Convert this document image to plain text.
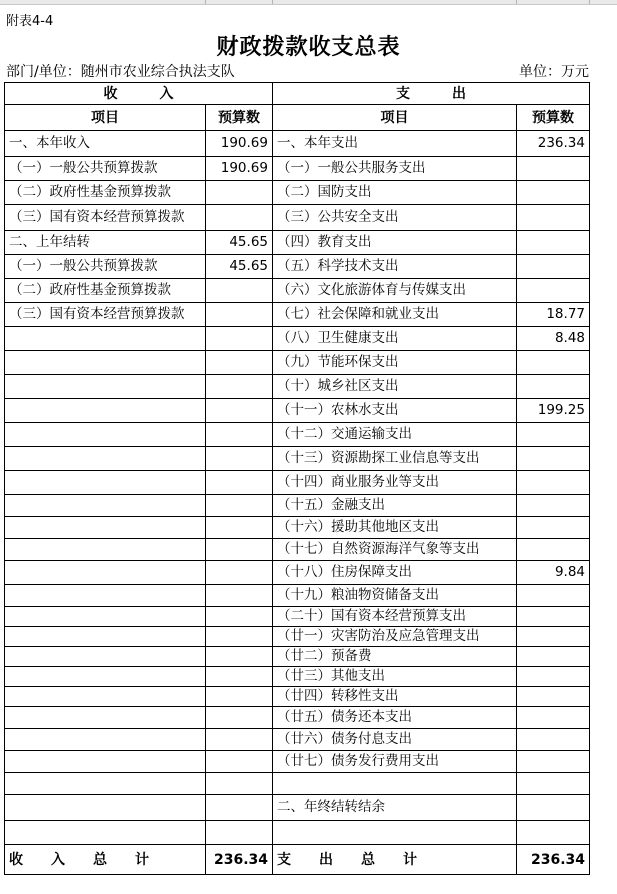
附表4-4
财政拨款收支总表
部门/单位：随州市农业综合执法支队	单位：万元
收　　　入		支　　　出	
项目	预算数	项目	预算数
一、本年收入	190.69	一、本年支出	236.34
（一）一般公共预算拨款	190.69	（一）一般公共服务支出	
（二）政府性基金预算拨款		（二）国防支出	
（三）国有资本经营预算拨款		（三）公共安全支出	
二、上年结转	45.65	（四）教育支出	
（一）一般公共预算拨款	45.65	（五）科学技术支出	
（二）政府性基金预算拨款		（六）文化旅游体育与传媒支出	
（三）国有资本经营预算拨款		（七）社会保障和就业支出	18.77
		（八）卫生健康支出	8.48
		（九）节能环保支出	
		（十）城乡社区支出	
		（十一）农林水支出	199.25
		（十二）交通运输支出	
		（十三）资源勘探工业信息等支出	
		（十四）商业服务业等支出	
		（十五）金融支出	
		（十六）援助其他地区支出	
		（十七）自然资源海洋气象等支出	
		（十八）住房保障支出	9.84
		（十九）粮油物资储备支出	
		（二十）国有资本经营预算支出	
		（廿一）灾害防治及应急管理支出	
		（廿二）预备费	
		（廿三）其他支出	
		（廿四）转移性支出	
		（廿五）债务还本支出	
		（廿六）债务付息支出	
		（廿七）债务发行费用支出	

		二、年终结转结余	

收　　入　　总　　计	236.34	支　　出　　总　　计	236.34
